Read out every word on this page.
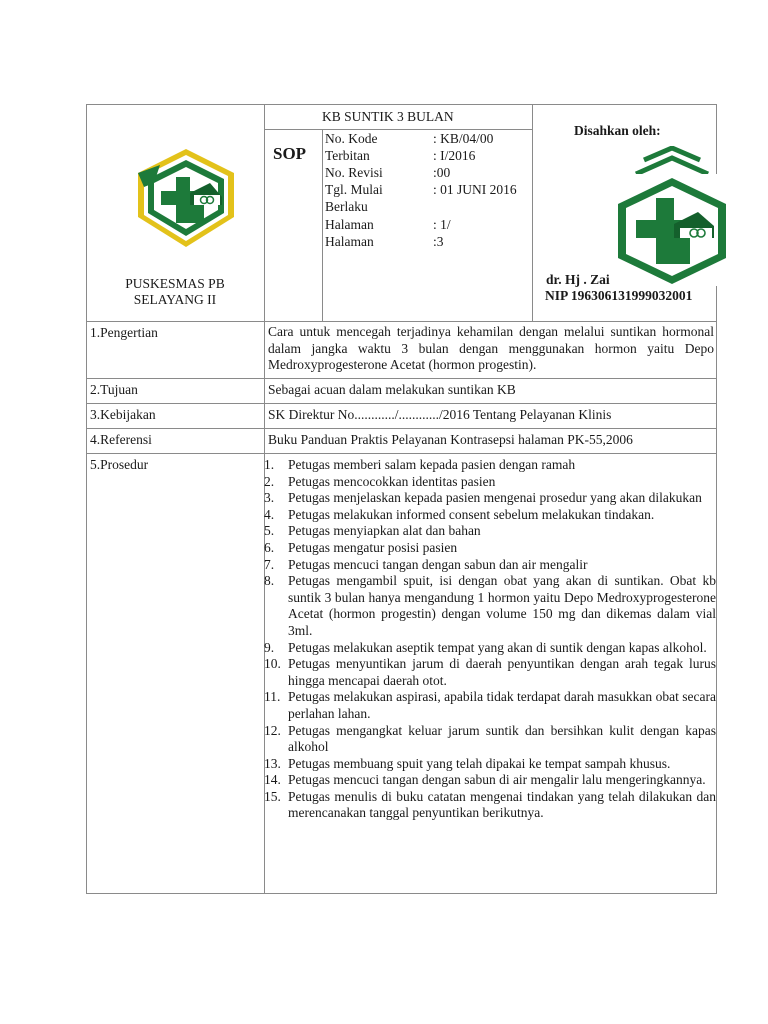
PUSKESMAS PB
SELAYANG II
KB SUNTIK 3 BULAN
SOP
No. Kode	: KB/04/00
Terbitan	: I/2016
No. Revisi	:00
Tgl. Mulai	: 01 JUNI 2016
Berlaku
Halaman	: 1/
Halaman	:3
Disahkan oleh:
dr. Hj . Zai
NIP 196306131999032001
1.Pengertian	Cara untuk mencegah terjadinya kehamilan dengan melalui suntikan hormonal dalam jangka waktu 3 bulan dengan menggunakan hormon yaitu Depo Medroxyprogesterone Acetat (hormon progestin).
2.Tujuan	Sebagai acuan dalam melakukan suntikan KB
3.Kebijakan	SK Direktur No............/............/2016 Tentang Pelayanan Klinis
4.Referensi	Buku Panduan Praktis Pelayanan Kontrasepsi halaman PK-55,2006
5.Prosedur	1. Petugas memberi salam kepada pasien dengan ramah
2. Petugas mencocokkan identitas pasien
3. Petugas menjelaskan kepada pasien mengenai prosedur yang akan dilakukan
4. Petugas melakukan informed consent sebelum melakukan tindakan.
5. Petugas menyiapkan alat dan bahan
6. Petugas mengatur posisi pasien
7. Petugas mencuci tangan dengan sabun dan air mengalir
8. Petugas mengambil spuit, isi dengan obat yang akan di suntikan. Obat kb suntik 3 bulan hanya mengandung 1 hormon yaitu Depo Medroxyprogesterone Acetat (hormon progestin) dengan volume 150 mg dan dikemas dalam vial 3ml.
9. Petugas melakukan aseptik tempat yang akan di suntik dengan kapas alkohol.
10. Petugas menyuntikan jarum di daerah penyuntikan dengan arah tegak lurus hingga mencapai daerah otot.
11. Petugas melakukan aspirasi, apabila tidak terdapat darah masukkan obat secara perlahan lahan.
12. Petugas mengangkat keluar jarum suntik dan bersihkan kulit dengan kapas alkohol
13. Petugas membuang spuit yang telah dipakai ke tempat sampah khusus.
14. Petugas mencuci tangan dengan sabun di air mengalir lalu mengeringkannya.
15. Petugas menulis di buku catatan mengenai tindakan yang telah dilakukan dan merencanakan tanggal penyuntikan berikutnya.
